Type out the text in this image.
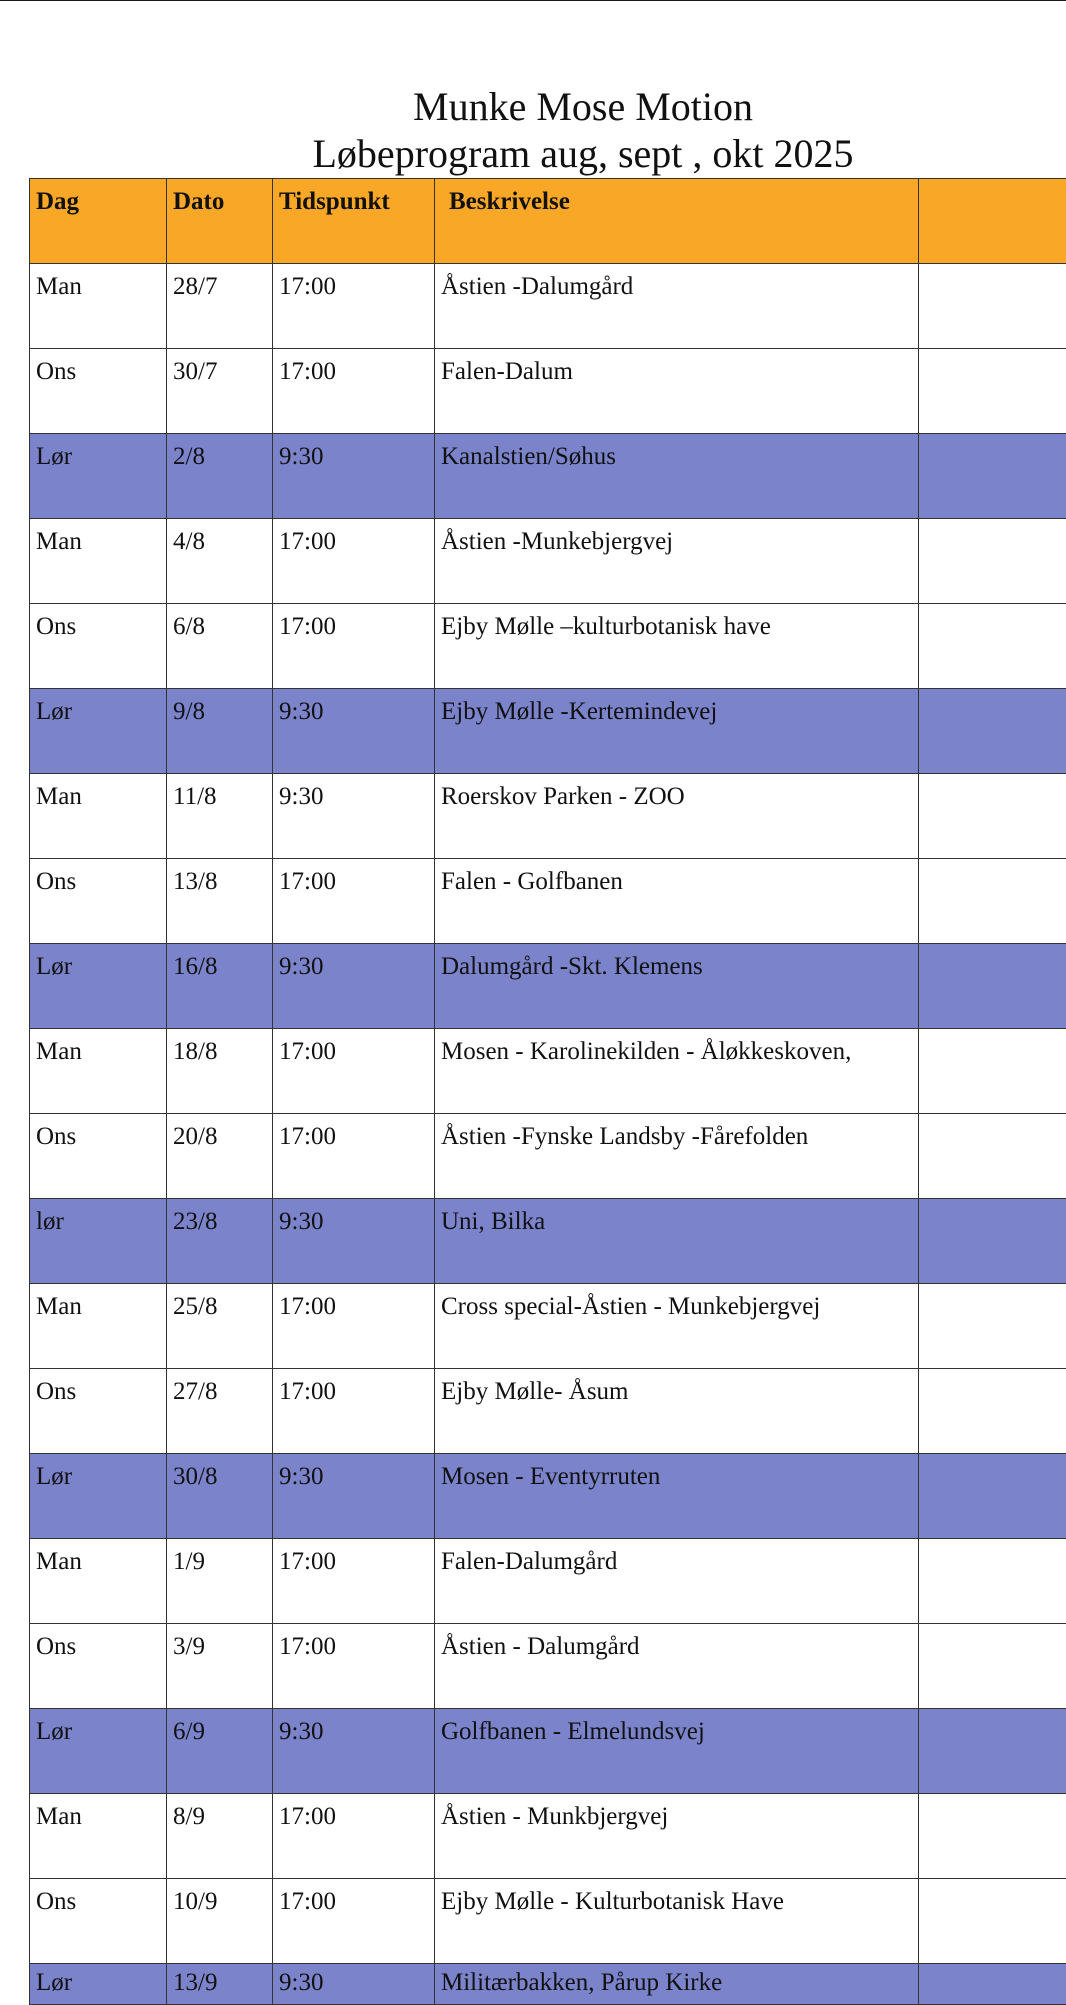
Munke Mose Motion
Løbeprogram aug, sept , okt 2025
Dag	Dato	Tidspunkt	Beskrivelse	
Man	28/7	17:00	Åstien -Dalumgård	
Ons	30/7	17:00	Falen-Dalum	
Lør	2/8	9:30	Kanalstien/Søhus	
Man	4/8	17:00	Åstien -Munkebjergvej	
Ons	6/8	17:00	Ejby Mølle –kulturbotanisk have	
Lør	9/8	9:30	Ejby Mølle -Kertemindevej	
Man	11/8	9:30	Roerskov Parken - ZOO	
Ons	13/8	17:00	Falen - Golfbanen	
Lør	16/8	9:30	Dalumgård -Skt. Klemens	
Man	18/8	17:00	Mosen - Karolinekilden - Åløkkeskoven,	
Ons	20/8	17:00	Åstien -Fynske Landsby -Fårefolden	
lør	23/8	9:30	Uni, Bilka	
Man	25/8	17:00	Cross special-Åstien - Munkebjergvej	
Ons	27/8	17:00	Ejby Mølle- Åsum	
Lør	30/8	9:30	Mosen - Eventyrruten	
Man	1/9	17:00	Falen-Dalumgård	
Ons	3/9	17:00	Åstien - Dalumgård	
Lør	6/9	9:30	Golfbanen - Elmelundsvej	
Man	8/9	17:00	Åstien - Munkbjergvej	
Ons	10/9	17:00	Ejby Mølle - Kulturbotanisk Have	
Lør	13/9	9:30	Militærbakken, Pårup Kirke	
